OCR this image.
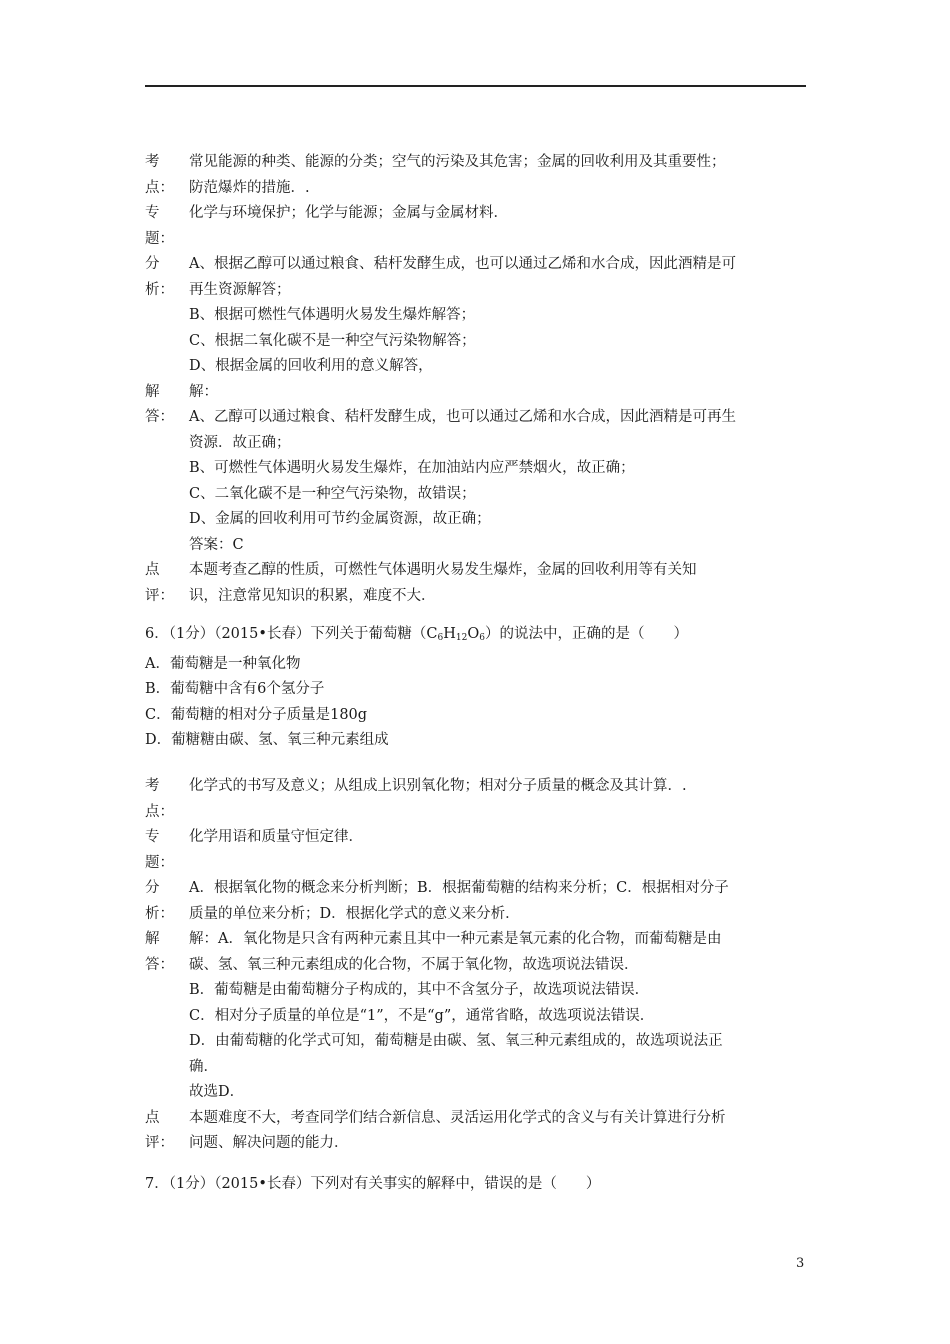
考
点：
常见能源的种类、能源的分类；空气的污染及其危害；金属的回收利用及其重要性；
防范爆炸的措施．.
专
题：
化学与环境保护；化学与能源；金属与金属材料．
分
析：
A、根据乙醇可以通过粮食、秸杆发酵生成，也可以通过乙烯和水合成，因此酒精是可
再生资源解答；
B、根据可燃性气体遇明火易发生爆炸解答；
C、根据二氧化碳不是一种空气污染物解答；
D、根据金属的回收利用的意义解答，
解
答：
解：
A、乙醇可以通过粮食、秸杆发酵生成，也可以通过乙烯和水合成，因此酒精是可再生
资源．故正确；
B、可燃性气体遇明火易发生爆炸，在加油站内应严禁烟火，故正确；
C、二氧化碳不是一种空气污染物，故错误；
D、金属的回收利用可节约金属资源，故正确；
答案：C
点
评：
本题考查乙醇的性质，可燃性气体遇明火易发生爆炸，金属的回收利用等有关知
识，注意常见知识的积累，难度不大．
6．（1分）（2015•长春）下列关于葡萄糖$(C_6H_{12}O_6)$的说法中，正确的是（　　）
A．葡萄糖是一种氧化物
B．葡萄糖中含有6个氢分子
C．葡萄糖的相对分子质量是180g
D．葡糖糖由碳、氢、氧三种元素组成
考
点：
化学式的书写及意义；从组成上识别氧化物；相对分子质量的概念及其计算．.
专
题：
化学用语和质量守恒定律．
分
析：
A．根据氧化物的概念来分析判断；B．根据葡萄糖的结构来分析；C．根据相对分子
质量的单位来分析；D．根据化学式的意义来分析．
解
答：
解：A．氧化物是只含有两种元素且其中一种元素是氧元素的化合物，而葡萄糖是由
碳、氢、氧三种元素组成的化合物，不属于氧化物，故选项说法错误．
B．葡萄糖是由葡萄糖分子构成的，其中不含氢分子，故选项说法错误．
C．相对分子质量的单位是“1”，不是“g”，通常省略，故选项说法错误．
D．由葡萄糖的化学式可知，葡萄糖是由碳、氢、氧三种元素组成的，故选项说法正
确．
故选D．
点
评：
本题难度不大，考查同学们结合新信息、灵活运用化学式的含义与有关计算进行分析
问题、解决问题的能力．
7．（1分）（2015•长春）下列对有关事实的解释中，错误的是（　　）
3
